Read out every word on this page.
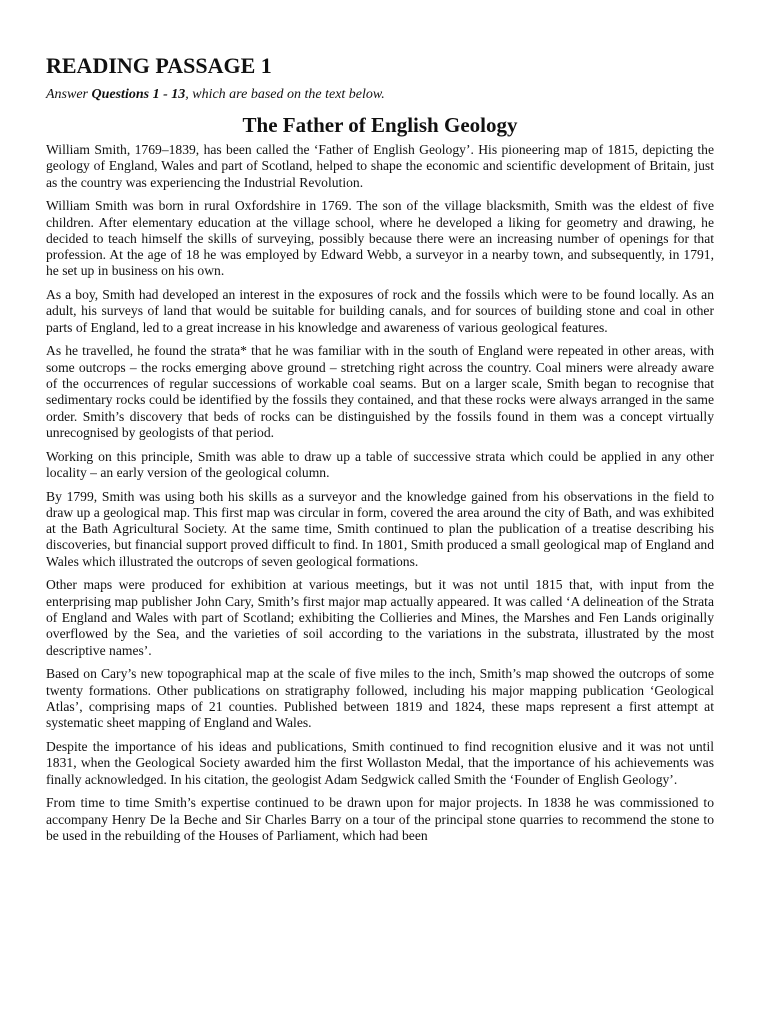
READING PASSAGE 1

Answer Questions 1 - 13, which are based on the text below.

The Father of English Geology

William Smith, 1769–1839, has been called the ‘Father of English Geology’. His pioneering map of 1815, depicting the geology of England, Wales and part of Scotland, helped to shape the economic and scientific development of Britain, just as the country was experiencing the Industrial Revolution.

William Smith was born in rural Oxfordshire in 1769. The son of the village blacksmith, Smith was the eldest of five children. After elementary education at the village school, where he developed a liking for geometry and drawing, he decided to teach himself the skills of surveying, possibly because there were an increasing number of openings for that profession. At the age of 18 he was employed by Edward Webb, a surveyor in a nearby town, and subsequently, in 1791, he set up in business on his own.

As a boy, Smith had developed an interest in the exposures of rock and the fossils which were to be found locally. As an adult, his surveys of land that would be suitable for building canals, and for sources of building stone and coal in other parts of England, led to a great increase in his knowledge and awareness of various geological features.

As he travelled, he found the strata* that he was familiar with in the south of England were repeated in other areas, with some outcrops – the rocks emerging above ground – stretching right across the country. Coal miners were already aware of the occurrences of regular successions of workable coal seams. But on a larger scale, Smith began to recognise that sedimentary rocks could be identified by the fossils they contained, and that these rocks were always arranged in the same order. Smith’s discovery that beds of rocks can be distinguished by the fossils found in them was a concept virtually unrecognised by geologists of that period.

Working on this principle, Smith was able to draw up a table of successive strata which could be applied in any other locality – an early version of the geological column.

By 1799, Smith was using both his skills as a surveyor and the knowledge gained from his observations in the field to draw up a geological map. This first map was circular in form, covered the area around the city of Bath, and was exhibited at the Bath Agricultural Society. At the same time, Smith continued to plan the publication of a treatise describing his discoveries, but financial support proved difficult to find. In 1801, Smith produced a small geological map of England and Wales which illustrated the outcrops of seven geological formations.

Other maps were produced for exhibition at various meetings, but it was not until 1815 that, with input from the enterprising map publisher John Cary, Smith’s first major map actually appeared. It was called ‘A delineation of the Strata of England and Wales with part of Scotland; exhibiting the Collieries and Mines, the Marshes and Fen Lands originally overflowed by the Sea, and the varieties of soil according to the variations in the substrata, illustrated by the most descriptive names’.

Based on Cary’s new topographical map at the scale of five miles to the inch, Smith’s map showed the outcrops of some twenty formations. Other publications on stratigraphy followed, including his major mapping publication ‘Geological Atlas’, comprising maps of 21 counties. Published between 1819 and 1824, these maps represent a first attempt at systematic sheet mapping of England and Wales.

Despite the importance of his ideas and publications, Smith continued to find recognition elusive and it was not until 1831, when the Geological Society awarded him the first Wollaston Medal, that the importance of his achievements was finally acknowledged. In his citation, the geologist Adam Sedgwick called Smith the ‘Founder of English Geology’.

From time to time Smith’s expertise continued to be drawn upon for major projects. In 1838 he was commissioned to accompany Henry De la Beche and Sir Charles Barry on a tour of the principal stone quarries to recommend the stone to be used in the rebuilding of the Houses of Parliament, which had been
